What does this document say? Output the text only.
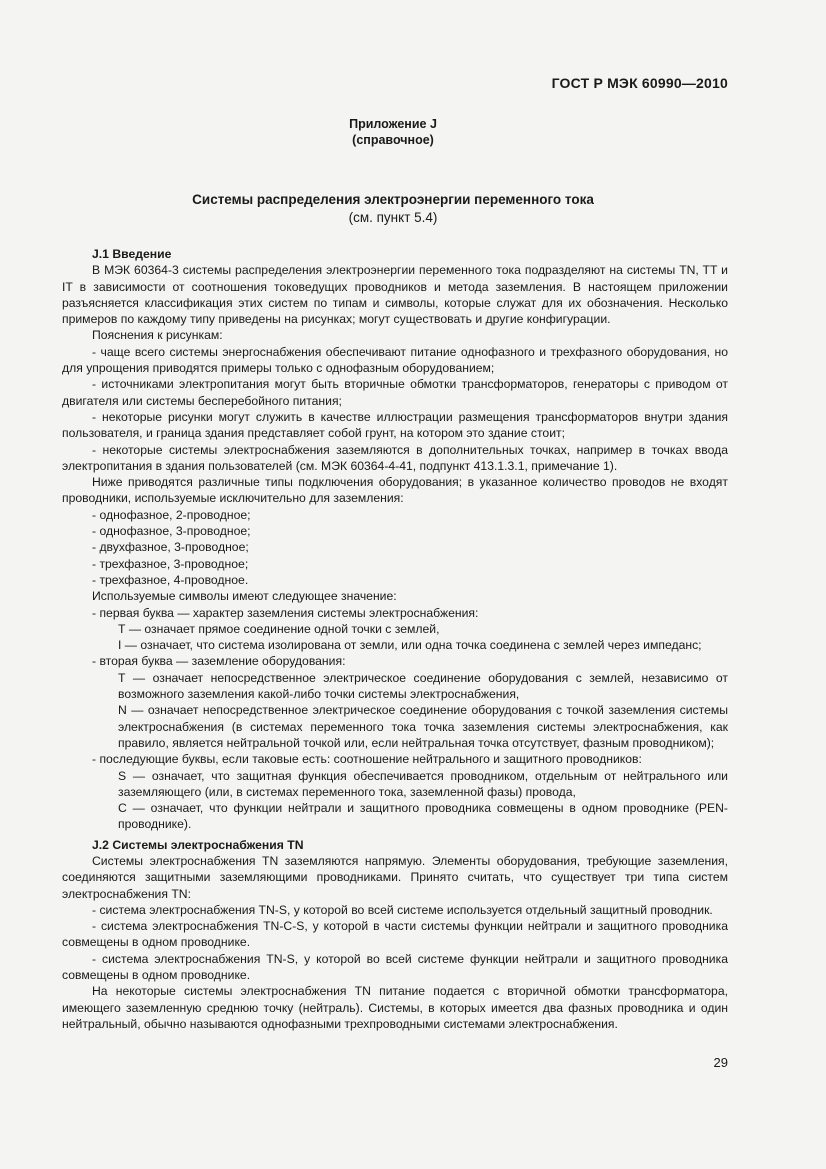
ГОСТ Р МЭК 60990—2010
Приложение J
(справочное)
Системы распределения электроэнергии переменного тока
(см. пункт 5.4)

J.1 Введение

В МЭК 60364-3 системы распределения электроэнергии переменного тока подразделяют на системы TN, TT и IT в зависимости от соотношения токоведущих проводников и метода заземления. В настоящем приложении разъясняется классификация этих систем по типам и символы, которые служат для их обозначения. Несколько примеров по каждому типу приведены на рисунках; могут существовать и другие конфигурации.

Пояснения к рисункам:

- чаще всего системы энергоснабжения обеспечивают питание однофазного и трехфазного оборудования, но для упрощения приводятся примеры только с однофазным оборудованием;

- источниками электропитания могут быть вторичные обмотки трансформаторов, генераторы с приводом от двигателя или системы бесперебойного питания;

- некоторые рисунки могут служить в качестве иллюстрации размещения трансформаторов внутри здания пользователя, и граница здания представляет собой грунт, на котором это здание стоит;

- некоторые системы электроснабжения заземляются в дополнительных точках, например в точках ввода электропитания в здания пользователей (см. МЭК 60364-4-41, подпункт 413.1.3.1, примечание 1).

Ниже приводятся различные типы подключения оборудования; в указанное количество проводов не входят проводники, используемые исключительно для заземления:

- однофазное, 2-проводное;

- однофазное, 3-проводное;

- двухфазное, 3-проводное;

- трехфазное, 3-проводное;

- трехфазное, 4-проводное.

Используемые символы имеют следующее значение:

- первая буква — характер заземления системы электроснабжения:

Т — означает прямое соединение одной точки с землей,

I — означает, что система изолирована от земли, или одна точка соединена с землей через импеданс;

- вторая буква — заземление оборудования:

Т — означает непосредственное электрическое соединение оборудования с землей, независимо от возможного заземления какой-либо точки системы электроснабжения,

N — означает непосредственное электрическое соединение оборудования с точкой заземления системы электроснабжения (в системах переменного тока точка заземления системы электроснабжения, как правило, является нейтральной точкой или, если нейтральная точка отсутствует, фазным проводником);

- последующие буквы, если таковые есть: соотношение нейтрального и защитного проводников:

S — означает, что защитная функция обеспечивается проводником, отдельным от нейтрального или заземляющего (или, в системах переменного тока, заземленной фазы) провода,

С — означает, что функции нейтрали и защитного проводника совмещены в одном проводнике (PEN-проводнике).

J.2 Системы электроснабжения TN

Системы электроснабжения TN заземляются напрямую. Элементы оборудования, требующие заземления, соединяются защитными заземляющими проводниками. Принято считать, что существует три типа систем электроснабжения TN:

- система электроснабжения TN-S, у которой во всей системе используется отдельный защитный проводник.

- система электроснабжения TN-C-S, у которой в части системы функции нейтрали и защитного проводника совмещены в одном проводнике.

- система электроснабжения TN-S, у которой во всей системе функции нейтрали и защитного проводника совмещены в одном проводнике.

На некоторые системы электроснабжения TN питание подается с вторичной обмотки трансформатора, имеющего заземленную среднюю точку (нейтраль). Системы, в которых имеется два фазных проводника и один нейтральный, обычно называются однофазными трехпроводными системами электроснабжения.

29
